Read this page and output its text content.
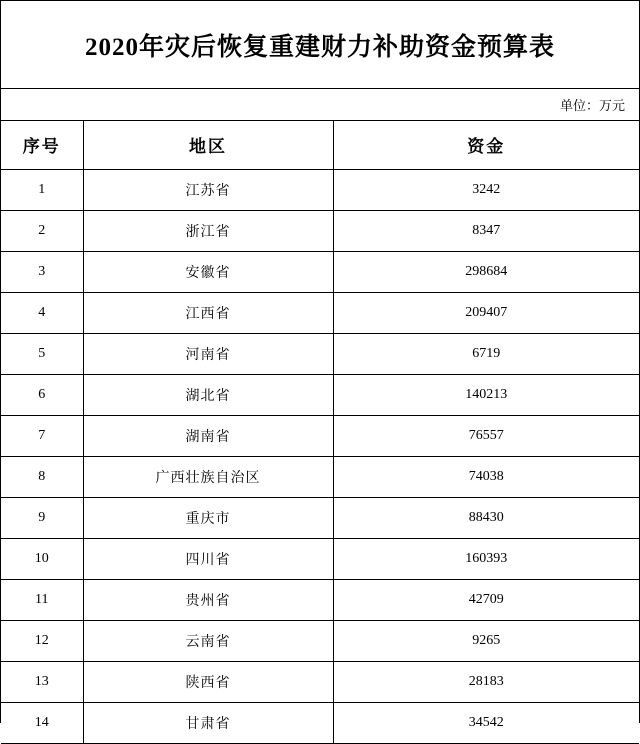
2020年灾后恢复重建财力补助资金预算表
单位：万元
序号	地区	资金
1	江苏省	3242
2	浙江省	8347
3	安徽省	298684
4	江西省	209407
5	河南省	6719
6	湖北省	140213
7	湖南省	76557
8	广西壮族自治区	74038
9	重庆市	88430
10	四川省	160393
11	贵州省	42709
12	云南省	9265
13	陕西省	28183
14	甘肃省	34542
